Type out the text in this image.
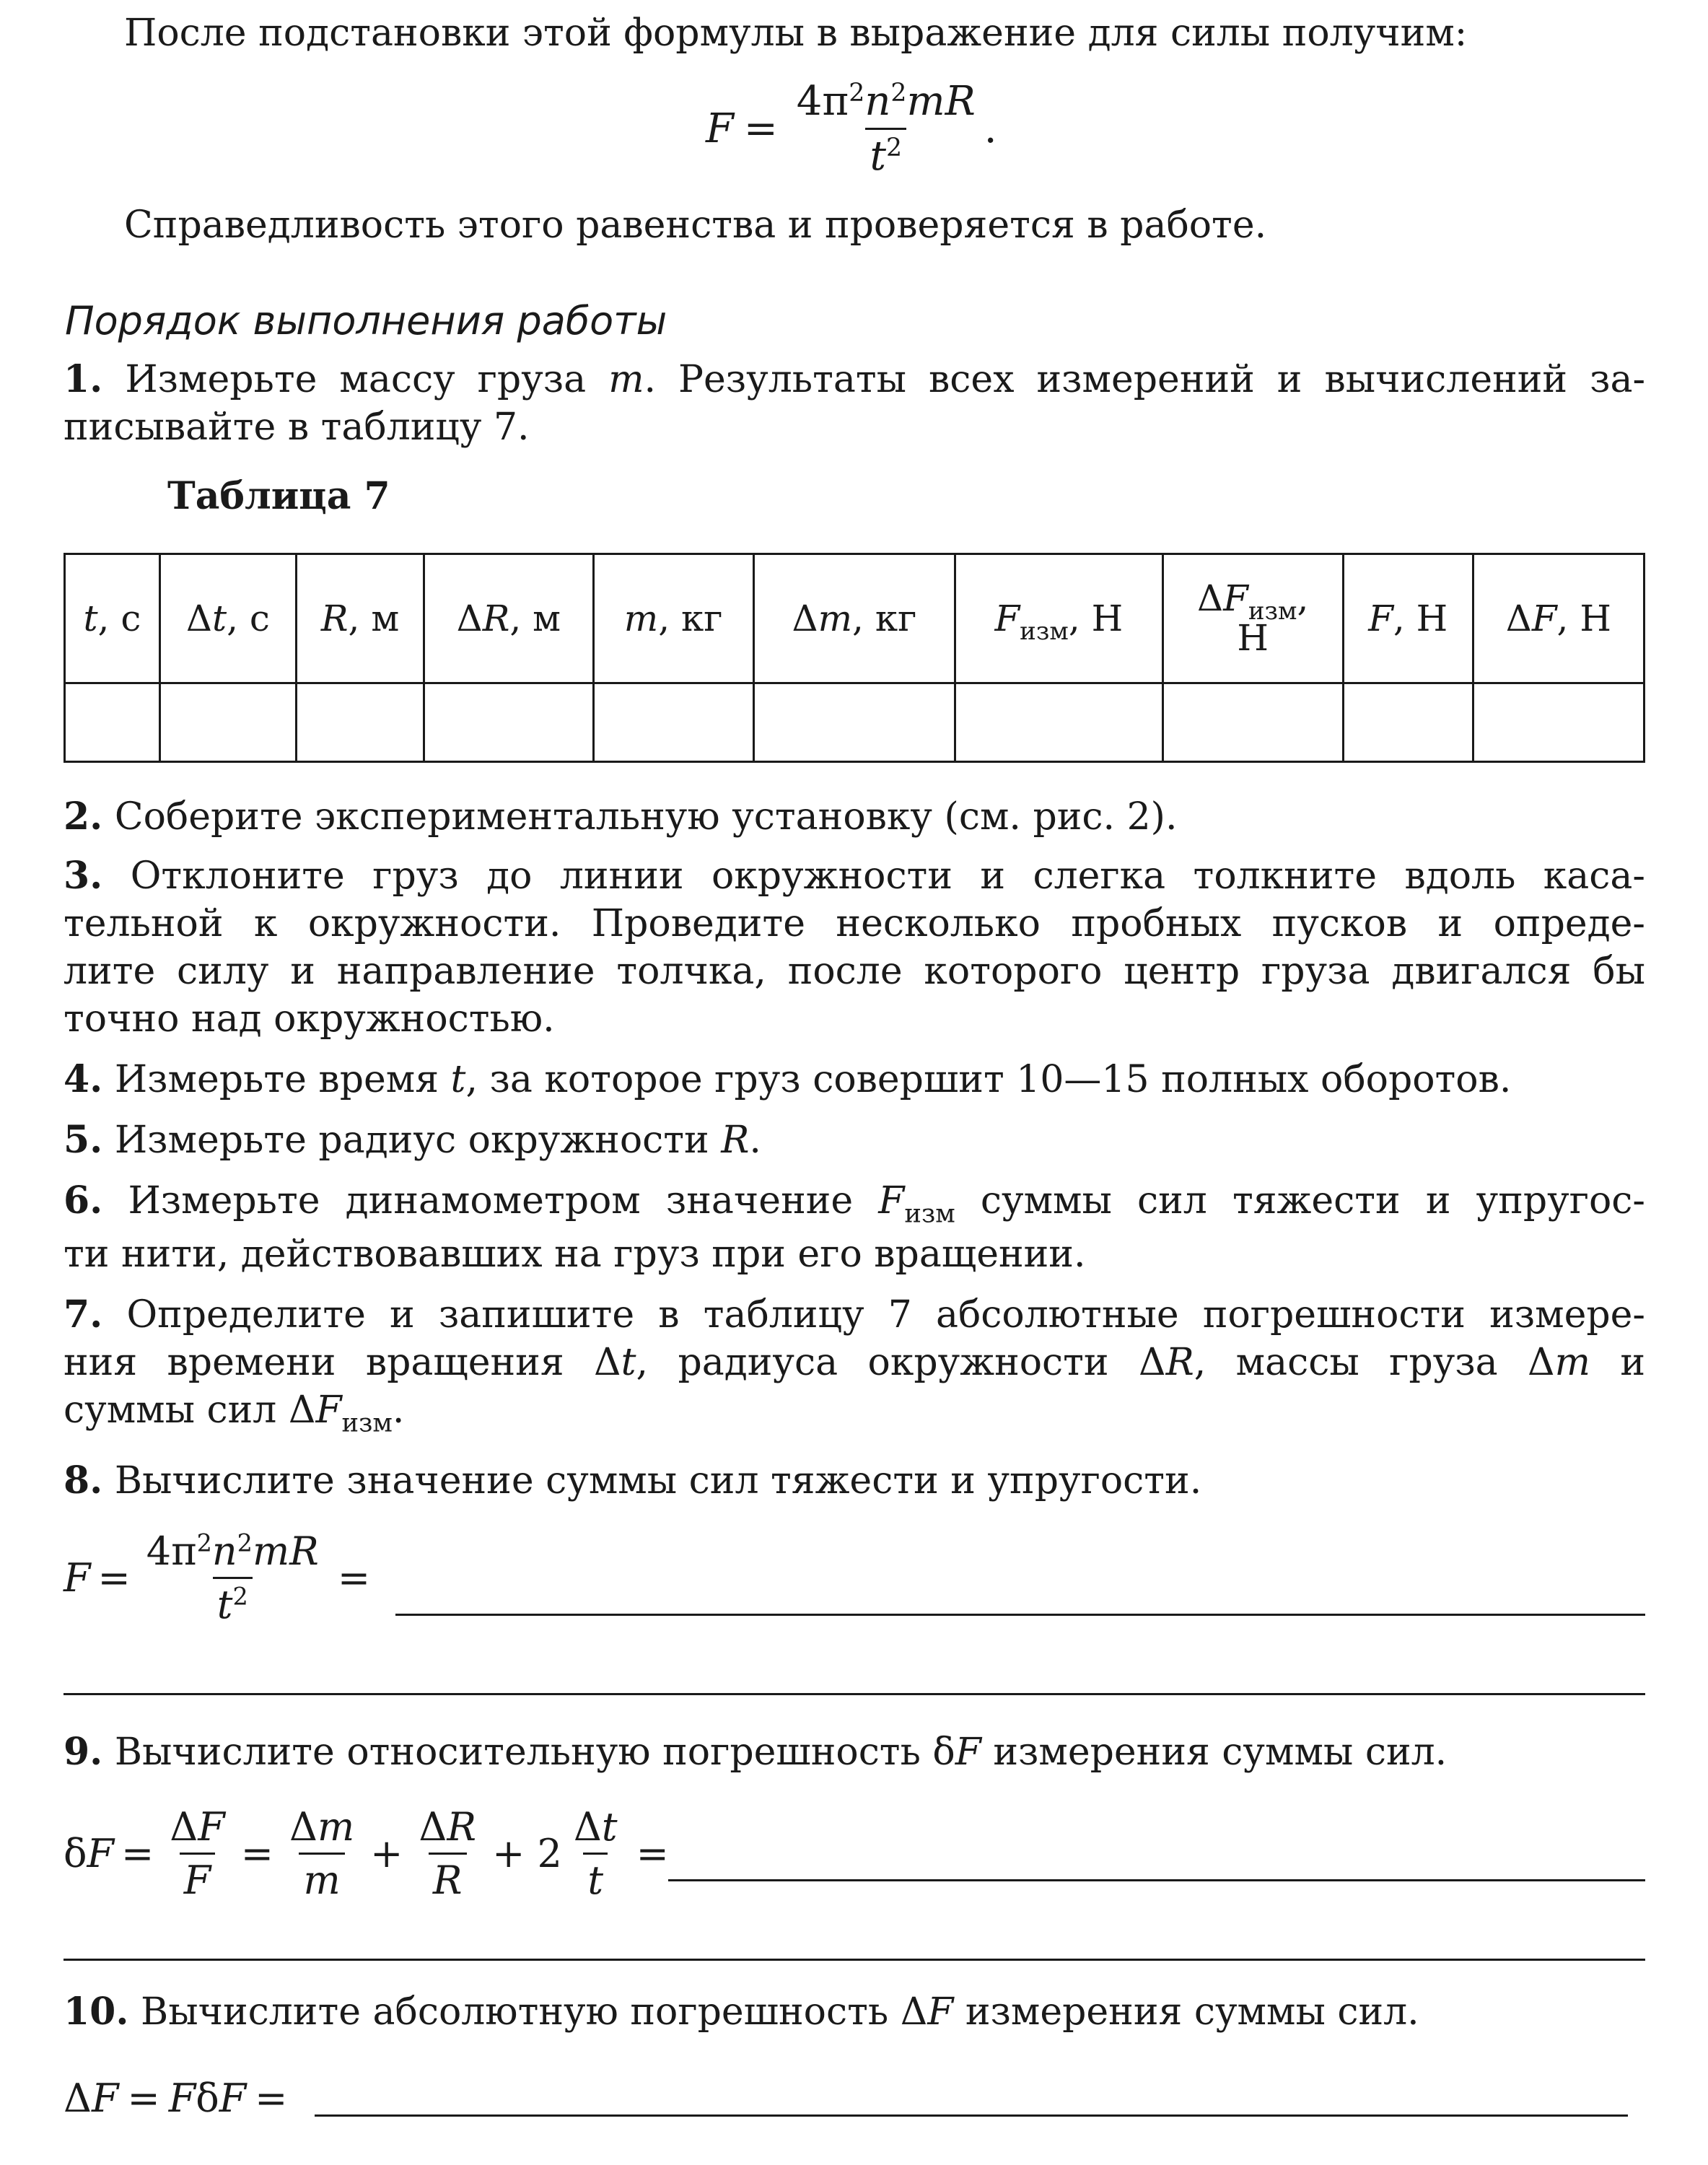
После подстановки этой формулы в выражение для силы получим:
$F = \frac{4\pi^2n^2mR}{t^2}$ .
Справедливость этого равенства и проверяется в работе.
Порядок выполнения работы
1. Измерьте массу груза m. Результаты всех измерений и вычислений за-
писывайте в таблицу 7.
Таблица 7
t, с	Δt, с	R, м	ΔR, м	m, кг	Δm, кг	$F_{изм}$, Н	$\Delta F_{изм}$,
Н	F, Н	ΔF, Н

2. Соберите экспериментальную установку (см. рис. 2).
3. Отклоните груз до линии окружности и слегка толкните вдоль каса-
тельной к окружности. Проведите несколько пробных пусков и опреде-
лите силу и направление толчка, после которого центр груза двигался бы
точно над окружностью.
4. Измерьте время t, за которое груз совершит 10—15 полных оборотов.
5. Измерьте радиус окружности R.
6. Измерьте динамометром значение $F_{изм}$ суммы сил тяжести и упругос-
ти нити, действовавших на груз при его вращении.
7. Определите и запишите в таблицу 7 абсолютные погрешности измере-
ния времени вращения Δt, радиуса окружности ΔR, массы груза Δm и
суммы сил $\Delta F_{изм}$.
8. Вычислите значение суммы сил тяжести и упругости.
$F = \frac{4\pi^2n^2mR}{t^2}$ =
9. Вычислите относительную погрешность δF измерения суммы сил.
δ $F = \frac{\Delta F}{F} = \frac{\Delta m}{m} + \frac{\Delta R}{R} + 2 \frac{\Delta t}{t}$ =
10. Вычислите абсолютную погрешность ΔF измерения суммы сил.
Δ F = F δ F =
